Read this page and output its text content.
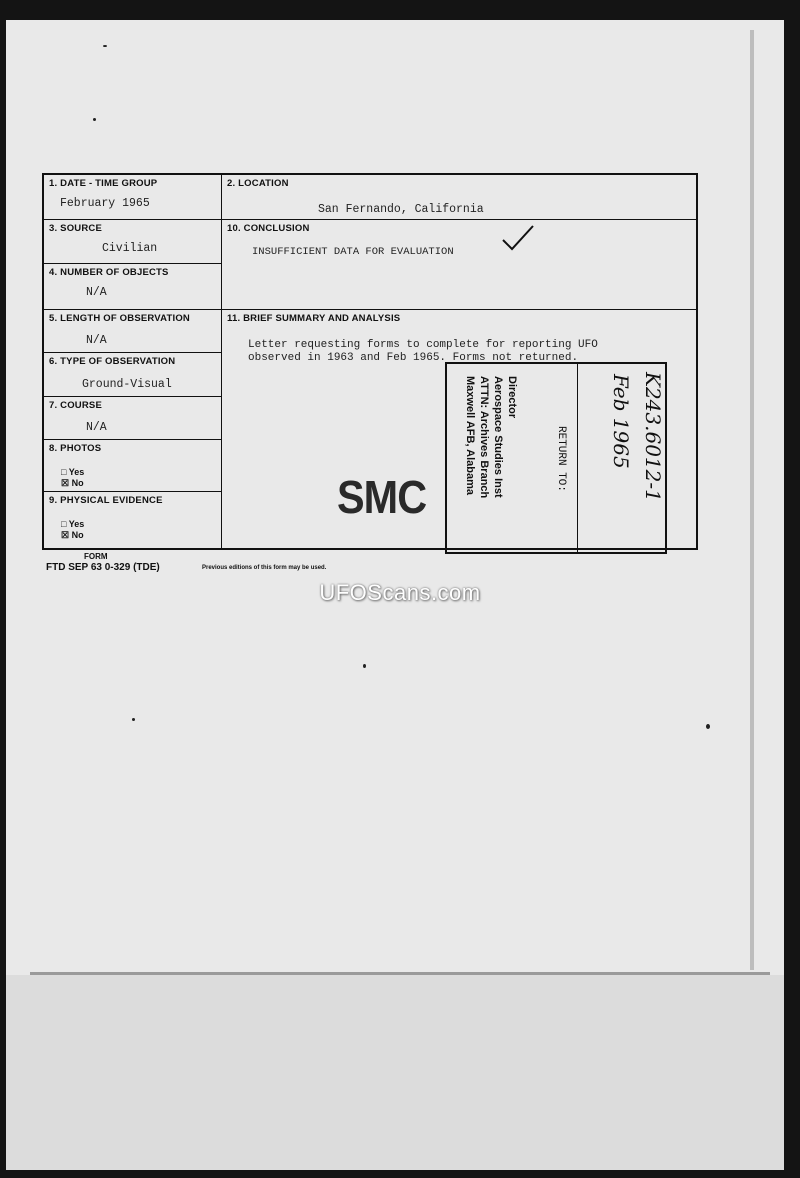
1. DATE - TIME GROUP
February 1965
2. LOCATION
San Fernando, California
3. SOURCE
Civilian
4. NUMBER OF OBJECTS
N/A
5. LENGTH OF OBSERVATION
N/A
6. TYPE OF OBSERVATION
Ground-Visual
7. COURSE
N/A
8. PHOTOS
□ Yes
☒ No
9. PHYSICAL EVIDENCE
□ Yes
☒ No
10. CONCLUSION
INSUFFICIENT DATA FOR EVALUATION
11. BRIEF SUMMARY AND ANALYSIS
Letter requesting forms to complete for reporting UFO
observed in 1963 and Feb 1965. Forms not returned.
SMC
RETURN TO:
Director
Aerospace Studies Inst
ATTN: Archives Branch
Maxwell AFB, Alabama	K243.6012-1
Feb 1965
FORM
FTD SEP 63 0-329 (TDE)	Previous editions of this form may be used.
UFOScans.com
